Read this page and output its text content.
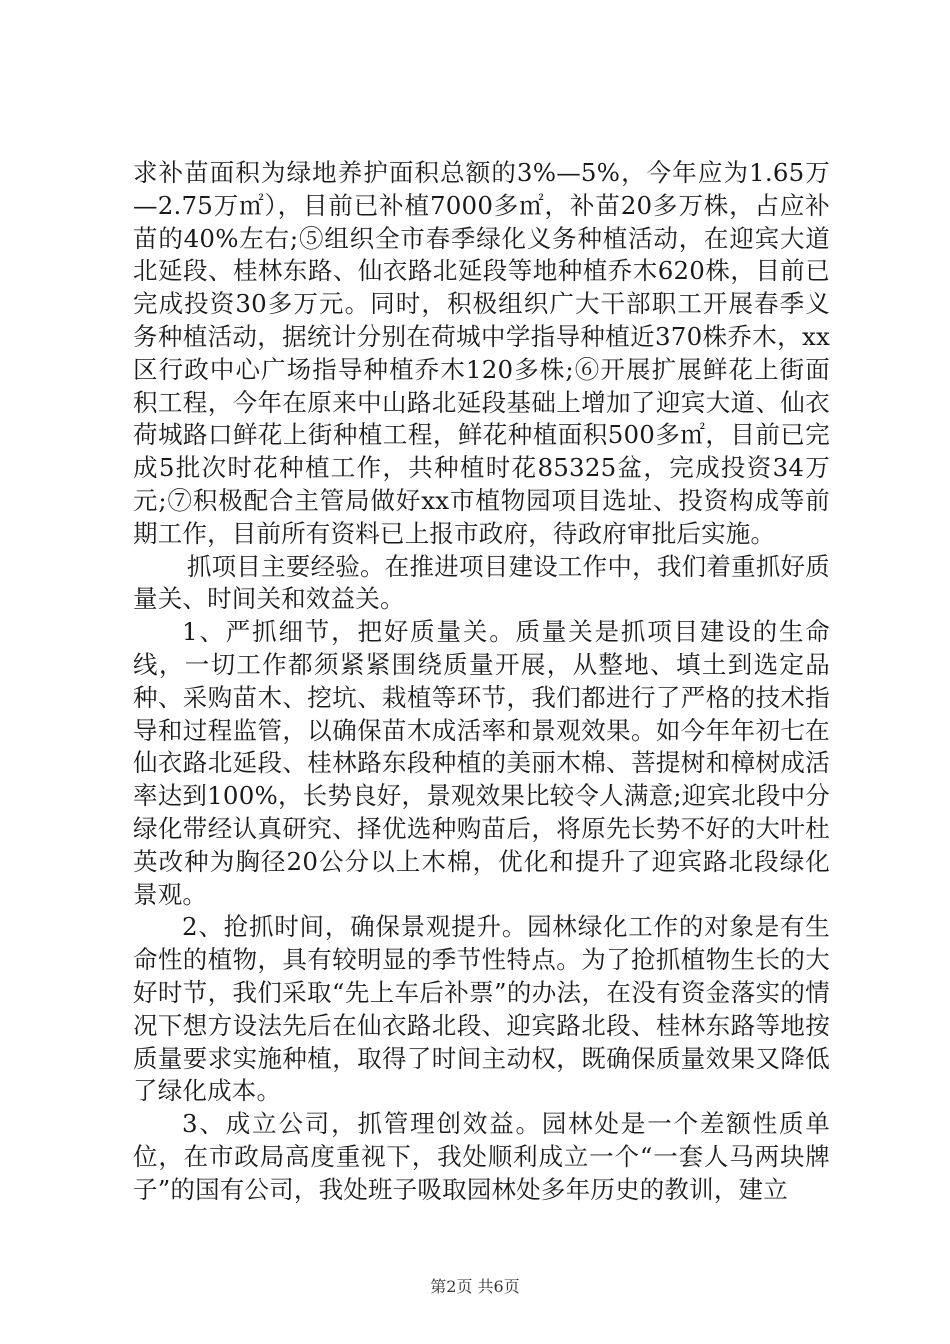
求补苗面积为绿地养护面积总额的3%—5%，今年应为1.65万—2.75万㎡），目前已补植7000多㎡，补苗20多万株，占应补苗的40%左右;⑤组织全市春季绿化义务种植活动，在迎宾大道北延段、桂林东路、仙衣路北延段等地种植乔木620株，目前已完成投资30多万元。同时，积极组织广大干部职工开展春季义务种植活动，据统计分别在荷城中学指导种植近370株乔木，xx区行政中心广场指导种植乔木120多株;⑥开展扩展鲜花上街面积工程，今年在原来中山路北延段基础上增加了迎宾大道、仙衣荷城路口鲜花上街种植工程，鲜花种植面积500多㎡，目前已完成5批次时花种植工作，共种植时花85325盆，完成投资34万元;⑦积极配合主管局做好xx市植物园项目选址、投资构成等前期工作，目前所有资料已上报市政府，待政府审批后实施。

抓项目主要经验。在推进项目建设工作中，我们着重抓好质量关、时间关和效益关。

1、严抓细节，把好质量关。质量关是抓项目建设的生命线，一切工作都须紧紧围绕质量开展，从整地、填土到选定品种、采购苗木、挖坑、栽植等环节，我们都进行了严格的技术指导和过程监管，以确保苗木成活率和景观效果。如今年年初七在仙衣路北延段、桂林路东段种植的美丽木棉、菩提树和樟树成活率达到100%，长势良好，景观效果比较令人满意;迎宾北段中分绿化带经认真研究、择优选种购苗后，将原先长势不好的大叶杜英改种为胸径20公分以上木棉，优化和提升了迎宾路北段绿化景观。

2、抢抓时间，确保景观提升。园林绿化工作的对象是有生命性的植物，具有较明显的季节性特点。为了抢抓植物生长的大好时节，我们采取“先上车后补票”的办法，在没有资金落实的情况下想方设法先后在仙衣路北段、迎宾路北段、桂林东路等地按质量要求实施种植，取得了时间主动权，既确保质量效果又降低了绿化成本。

3、成立公司，抓管理创效益。园林处是一个差额性质单位，在市政局高度重视下，我处顺利成立一个“一套人马两块牌子”的国有公司，我处班子吸取园林处多年历史的教训，建立

第2页 共6页
